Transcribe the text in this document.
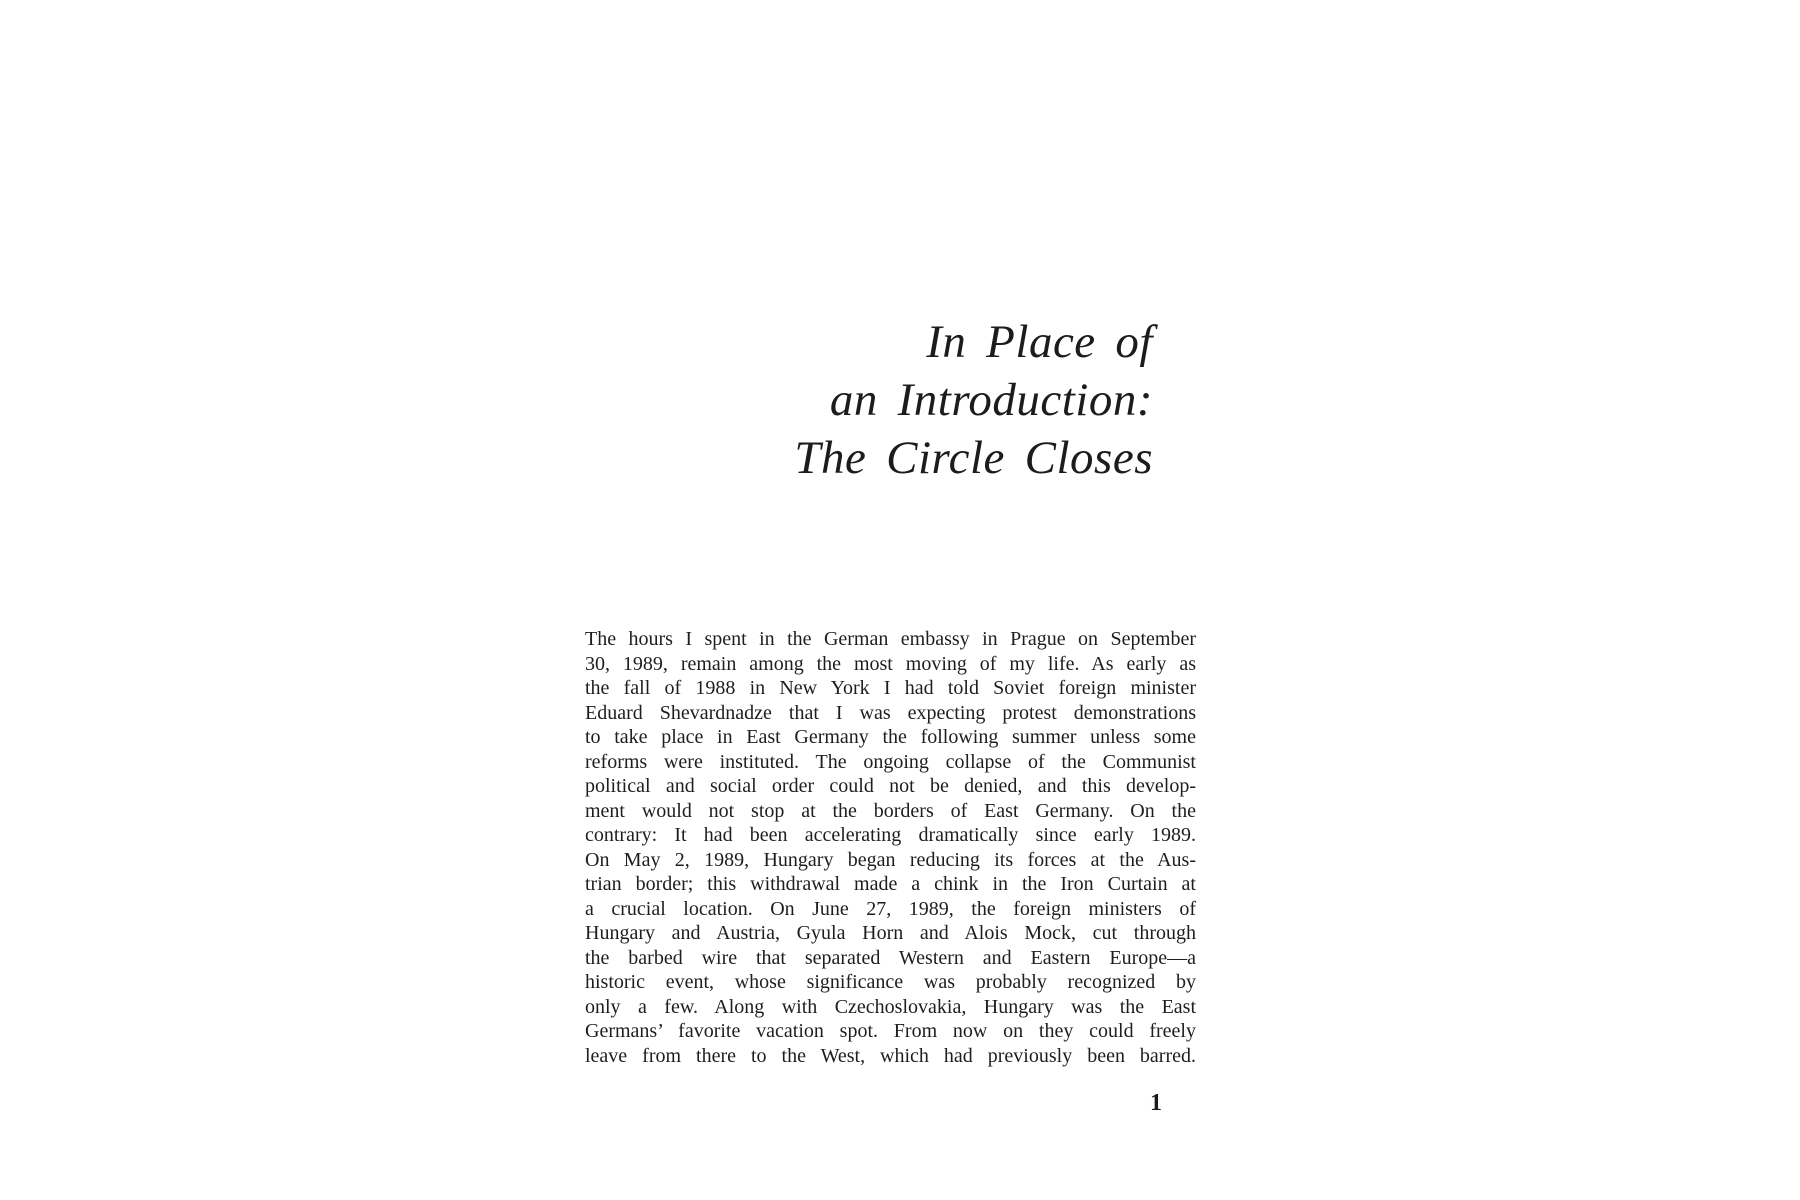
In Place of
an Introduction:
The Circle Closes
The hours I spent in the German embassy in Prague on September
30, 1989, remain among the most moving of my life. As early as
the fall of 1988 in New York I had told Soviet foreign minister
Eduard Shevardnadze that I was expecting protest demonstrations
to take place in East Germany the following summer unless some
reforms were instituted. The ongoing collapse of the Communist
political and social order could not be denied, and this develop-
ment would not stop at the borders of East Germany. On the
contrary: It had been accelerating dramatically since early 1989.
On May 2, 1989, Hungary began reducing its forces at the Aus-
trian border; this withdrawal made a chink in the Iron Curtain at
a crucial location. On June 27, 1989, the foreign ministers of
Hungary and Austria, Gyula Horn and Alois Mock, cut through
the barbed wire that separated Western and Eastern Europe—a
historic event, whose significance was probably recognized by
only a few. Along with Czechoslovakia, Hungary was the East
Germans’ favorite vacation spot. From now on they could freely
leave from there to the West, which had previously been barred.
1
